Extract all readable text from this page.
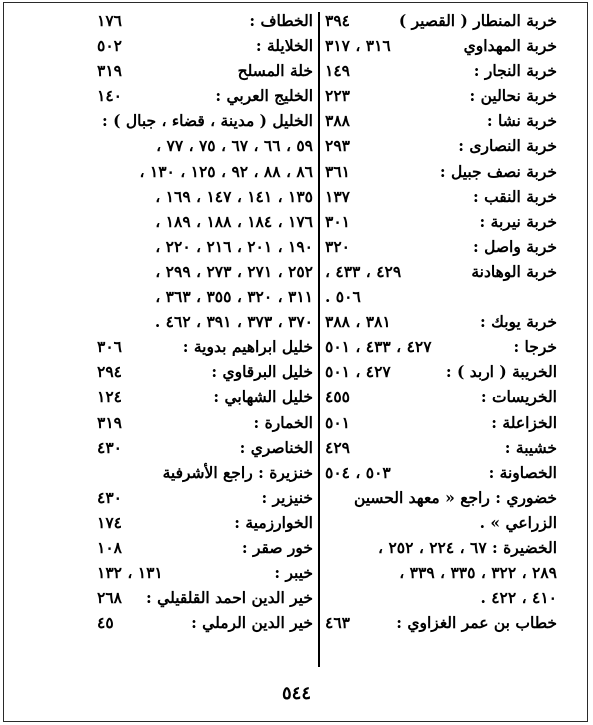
خربة المنطار ( القصير )
٣٩٤
خربة المهداوي
٣١٦ ، ٣١٧
خربة النجار :
١٤٩
خربة نحالين :
٢٢٣
خربة نشا :
٣٨٨
خربة النصارى :
٢٩٣
خربة نصف جبيل :
٣٦١
خربة النقب :
١٣٧
خربة نيربة :
٣٠١
خربة واصل :
٣٢٠
خربة الوهادنة
٤٢٩ ، ٤٣٣ ،
٥٠٦ .
خربة يوبك :
٣٨١ ، ٣٨٨
خرجا :
٤٢٧ ، ٤٣٣ ، ٥٠١
الخريبة ( اربد ) :
٤٢٧ ، ٥٠١
الخريسات :
٤٥٥
الخزاعلة :
٥٠١
خشيبة :
٤٢٩
الخصاونة :
٥٠٣ ، ٥٠٤
خضوري : راجع « معهد الحسين
الزراعي » .
الخضيرة : ٦٧ ، ٢٢٤ ، ٢٥٢ ،
٢٨٩ ، ٣٢٢ ، ٣٣٥ ، ٣٣٩ ،
٤١٠ ، ٤٢٢ .
خطاب بن عمر الغزاوي :
٤٦٣
الخطاف :
١٧٦
الخلايلة :
٥٠٢
خلة المسلح
٣١٩
الخليج العربي :
١٤٠
الخليل ( مدينة ، قضاء ، جبال ) :
٥٩ ، ٦٦ ، ٦٧ ، ٧٥ ، ٧٧ ،
٨٦ ، ٨٨ ، ٩٢ ، ١٢٥ ، ١٣٠ ،
١٣٥ ، ١٤١ ، ١٤٧ ، ١٦٩ ،
١٧٦ ، ١٨٤ ، ١٨٨ ، ١٨٩ ،
١٩٠ ، ٢٠١ ، ٢١٦ ، ٢٢٠ ،
٢٥٢ ، ٢٧١ ، ٢٧٣ ، ٢٩٩ ،
٣١١ ، ٣٢٠ ، ٣٥٥ ، ٣٦٣ ،
٣٧٠ ، ٣٧٣ ، ٣٩١ ، ٤٦٢ .
خليل ابراهيم بدوية :
٣٠٦
خليل البرقاوي :
٢٩٤
خليل الشهابي :
١٢٤
الخمارة :
٣١٩
الخناصري :
٤٣٠
خنزيرة : راجع الأشرفية
خنيزير :
٤٣٠
الخوارزمية :
١٧٤
خور صقر :
١٠٨
خيبر :
١٣١ ، ١٣٢
خير الدين احمد القلقيلي :
٢٦٨
خير الدين الرملي :
٤٥
٥٤٤
